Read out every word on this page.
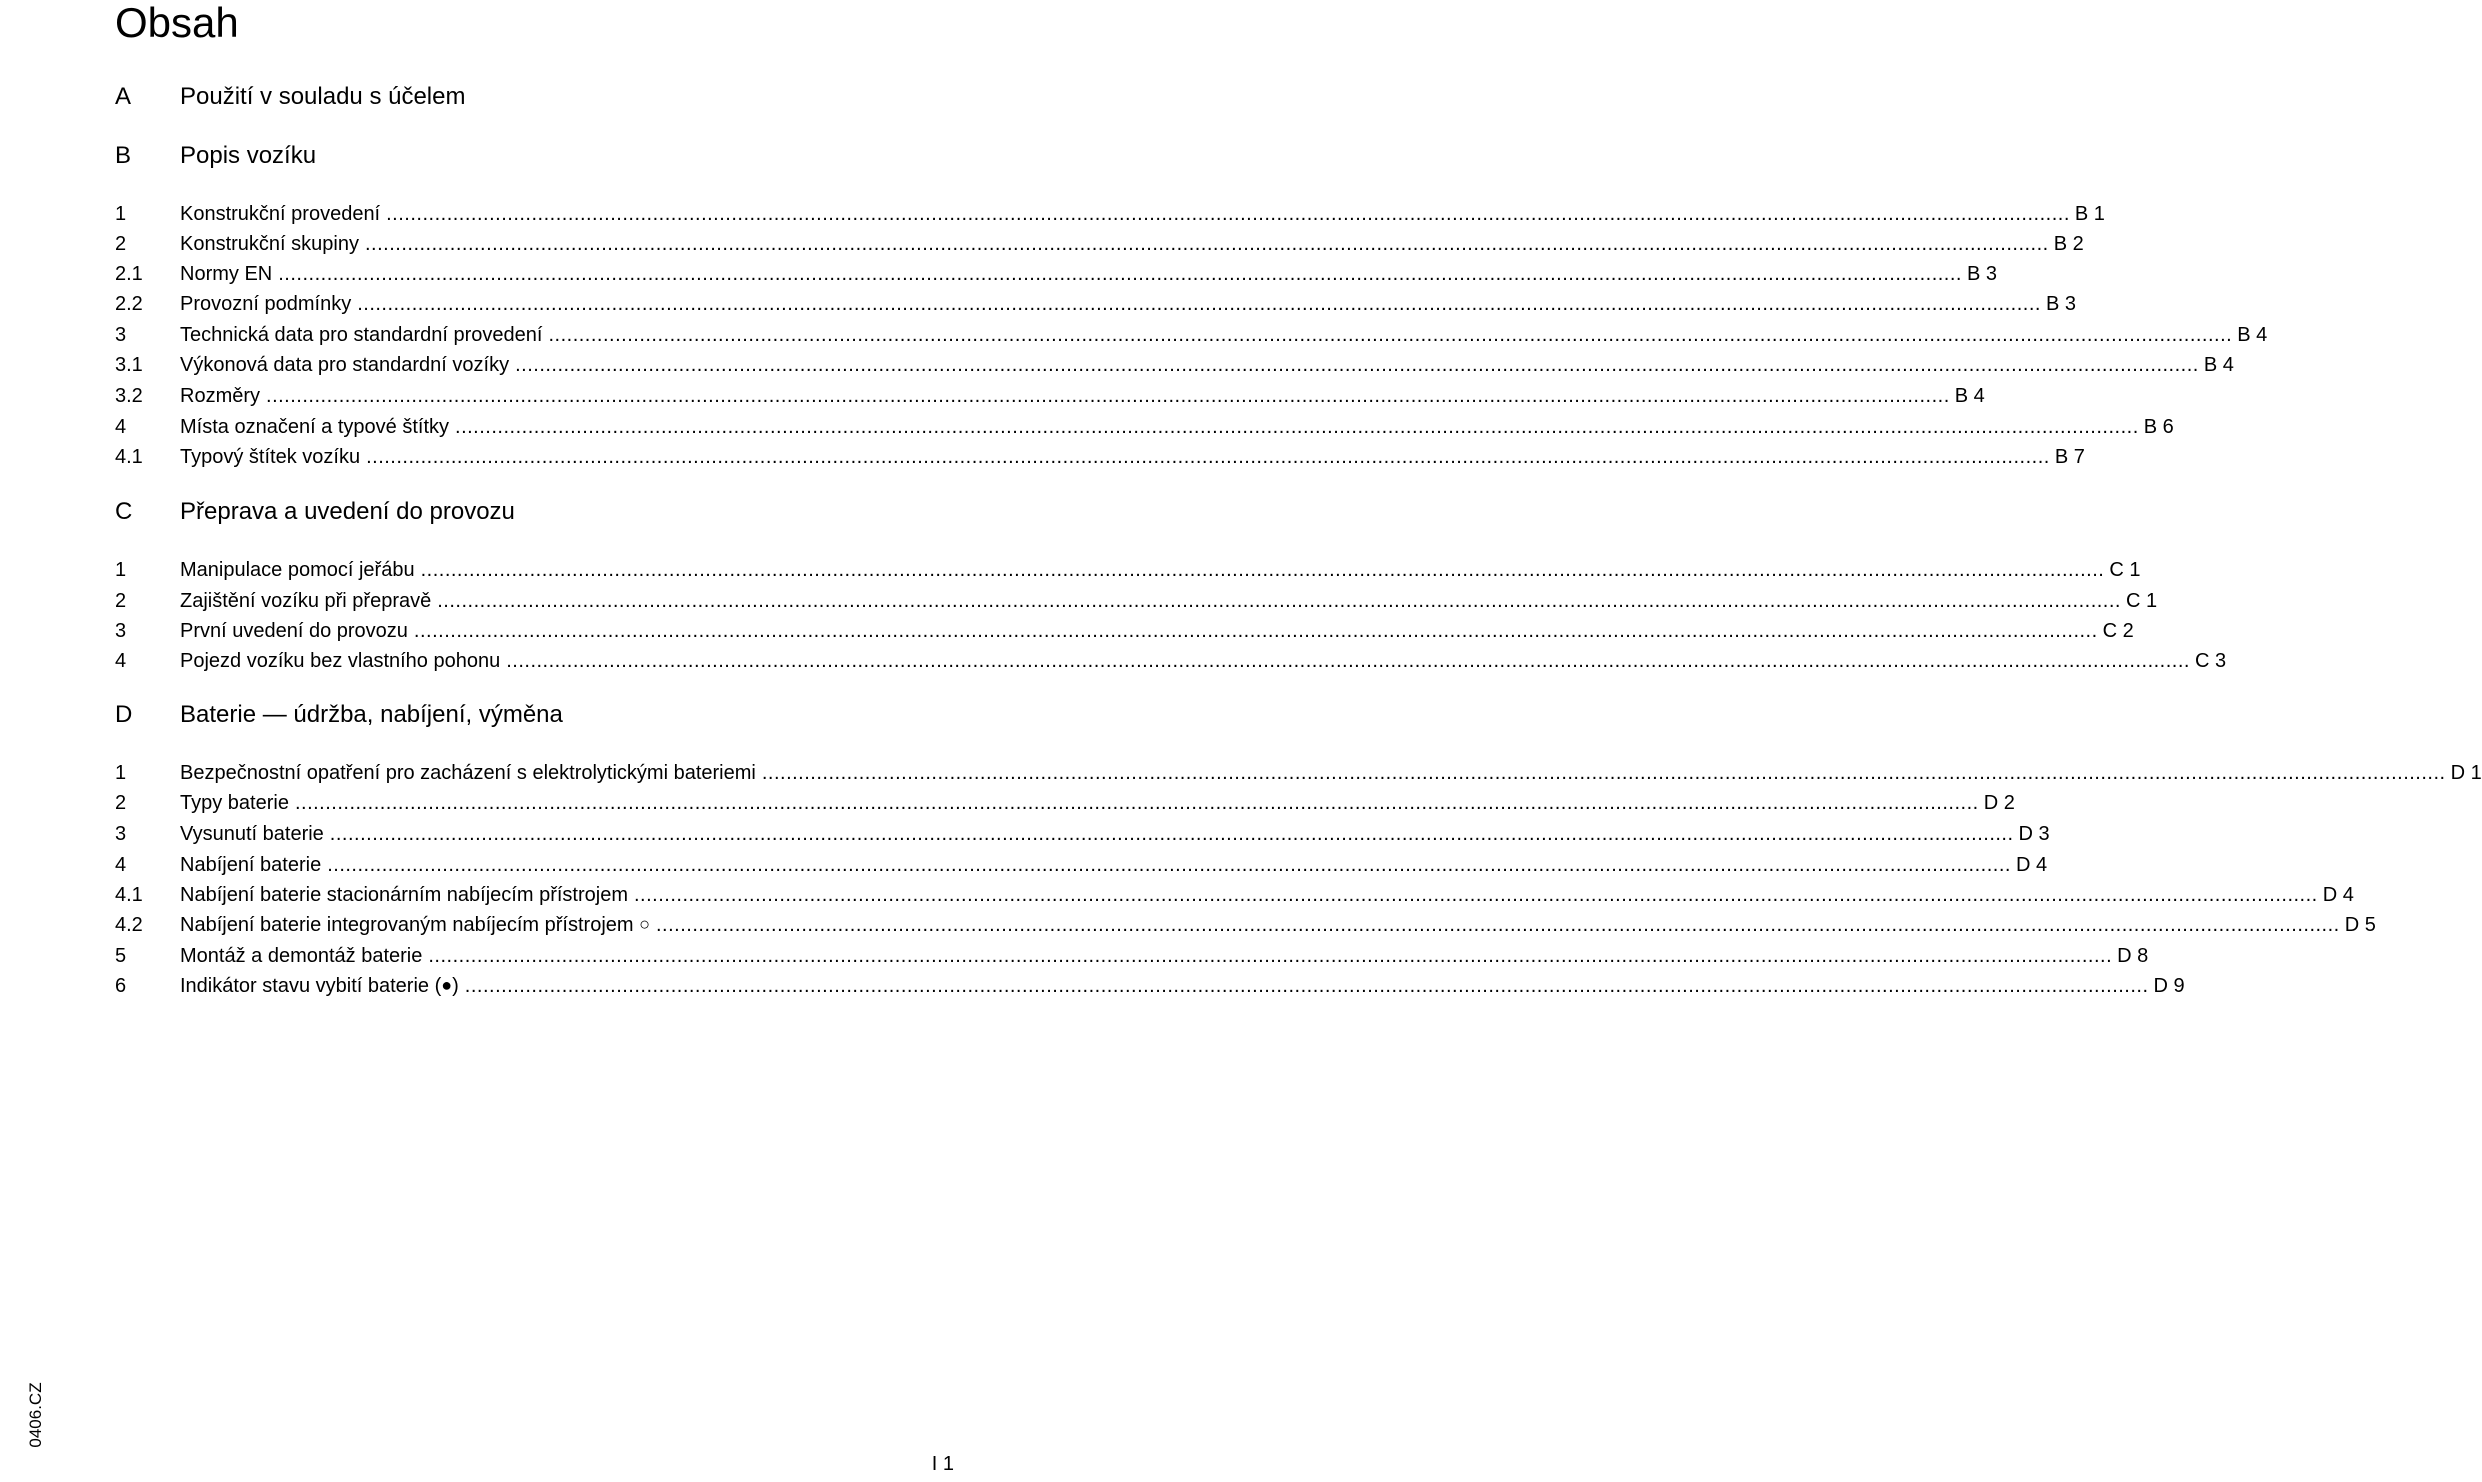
Obsah
A Použití v souladu s účelem
B Popis vozíku
1	Konstrukční provedení ...................................................................................................................................................................................................................................................................................... B 1
2	Konstrukční skupiny ...................................................................................................................................................................................................................................................................................... B 2
2.1 Normy EN ...................................................................................................................................................................................................................................................................................... B 3
2.2 Provozní podmínky ...................................................................................................................................................................................................................................................................................... B 3
3	Technická data pro standardní provedení ...................................................................................................................................................................................................................................................................................... B 4
3.1 Výkonová data pro standardní vozíky ...................................................................................................................................................................................................................................................................................... B 4
3.2 Rozměry ...................................................................................................................................................................................................................................................................................... B 4
4	Místa označení a typové štítky ...................................................................................................................................................................................................................................................................................... B 6
4.1 Typový štítek vozíku ...................................................................................................................................................................................................................................................................................... B 7
C Přeprava a uvedení do provozu
1	Manipulace pomocí jeřábu ...................................................................................................................................................................................................................................................................................... C 1
2	Zajištění vozíku při přepravě ...................................................................................................................................................................................................................................................................................... C 1
3	První uvedení do provozu ...................................................................................................................................................................................................................................................................................... C 2
4	Pojezd vozíku bez vlastního pohonu ...................................................................................................................................................................................................................................................................................... C 3
D Baterie — údržba, nabíjení, výměna
1	Bezpečnostní opatření pro zacházení s elektrolytickými bateriemi ...................................................................................................................................................................................................................................................................................... D 1
2	Typy baterie ...................................................................................................................................................................................................................................................................................... D 2
3	Vysunutí baterie ...................................................................................................................................................................................................................................................................................... D 3
4	Nabíjení baterie ...................................................................................................................................................................................................................................................................................... D 4
4.1 Nabíjení baterie stacionárním nabíjecím přístrojem ...................................................................................................................................................................................................................................................................................... D 4
4.2 Nabíjení baterie integrovaným nabíjecím přístrojem ○ ...................................................................................................................................................................................................................................................................................... D 5
5	Montáž a demontáž baterie ...................................................................................................................................................................................................................................................................................... D 8
6	Indikátor stavu vybití baterie (●) ...................................................................................................................................................................................................................................................................................... D 9
0406.CZ
I 1
